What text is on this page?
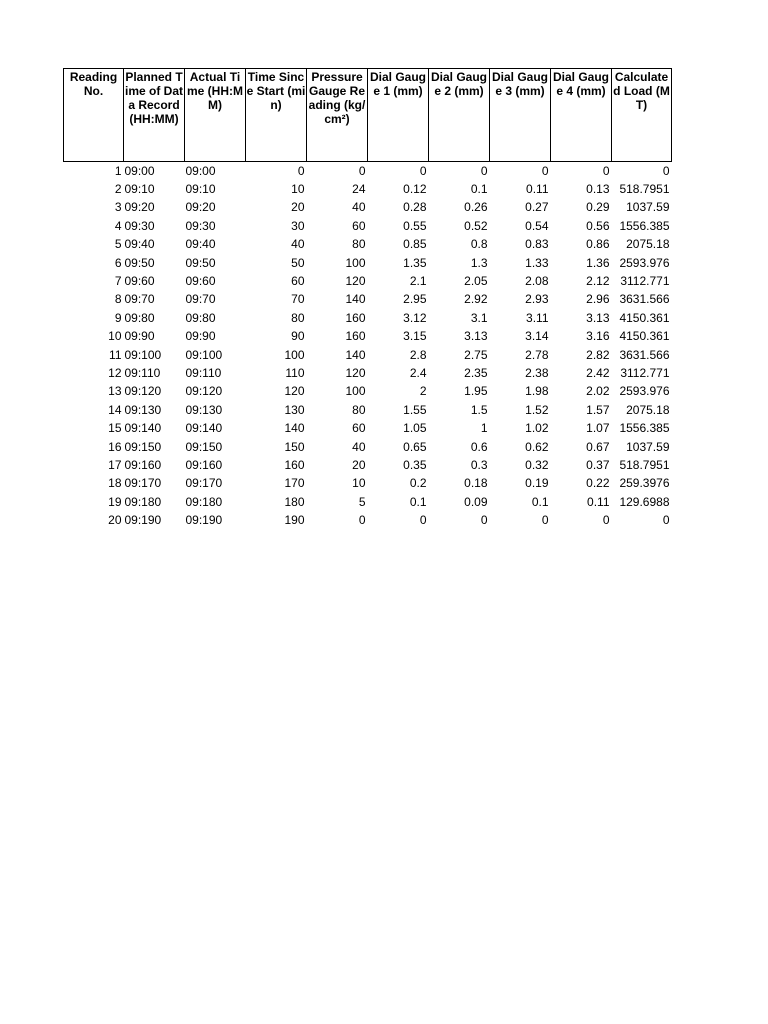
Reading No.	Planned Time of Data Record (HH:MM)	Actual Time (HH:MM)	Time Since Start (min)	Pressure Gauge Reading (kg/cm²)	Dial Gauge 1 (mm)	Dial Gauge 2 (mm)	Dial Gauge 3 (mm)	Dial Gauge 4 (mm)	Calculated Load (MT)
1	09:00	09:00	0	0	0	0	0	0	0
2	09:10	09:10	10	24	0.12	0.1	0.11	0.13	518.7951
3	09:20	09:20	20	40	0.28	0.26	0.27	0.29	1037.59
4	09:30	09:30	30	60	0.55	0.52	0.54	0.56	1556.385
5	09:40	09:40	40	80	0.85	0.8	0.83	0.86	2075.18
6	09:50	09:50	50	100	1.35	1.3	1.33	1.36	2593.976
7	09:60	09:60	60	120	2.1	2.05	2.08	2.12	3112.771
8	09:70	09:70	70	140	2.95	2.92	2.93	2.96	3631.566
9	09:80	09:80	80	160	3.12	3.1	3.11	3.13	4150.361
10	09:90	09:90	90	160	3.15	3.13	3.14	3.16	4150.361
11	09:100	09:100	100	140	2.8	2.75	2.78	2.82	3631.566
12	09:110	09:110	110	120	2.4	2.35	2.38	2.42	3112.771
13	09:120	09:120	120	100	2	1.95	1.98	2.02	2593.976
14	09:130	09:130	130	80	1.55	1.5	1.52	1.57	2075.18
15	09:140	09:140	140	60	1.05	1	1.02	1.07	1556.385
16	09:150	09:150	150	40	0.65	0.6	0.62	0.67	1037.59
17	09:160	09:160	160	20	0.35	0.3	0.32	0.37	518.7951
18	09:170	09:170	170	10	0.2	0.18	0.19	0.22	259.3976
19	09:180	09:180	180	5	0.1	0.09	0.1	0.11	129.6988
20	09:190	09:190	190	0	0	0	0	0	0
